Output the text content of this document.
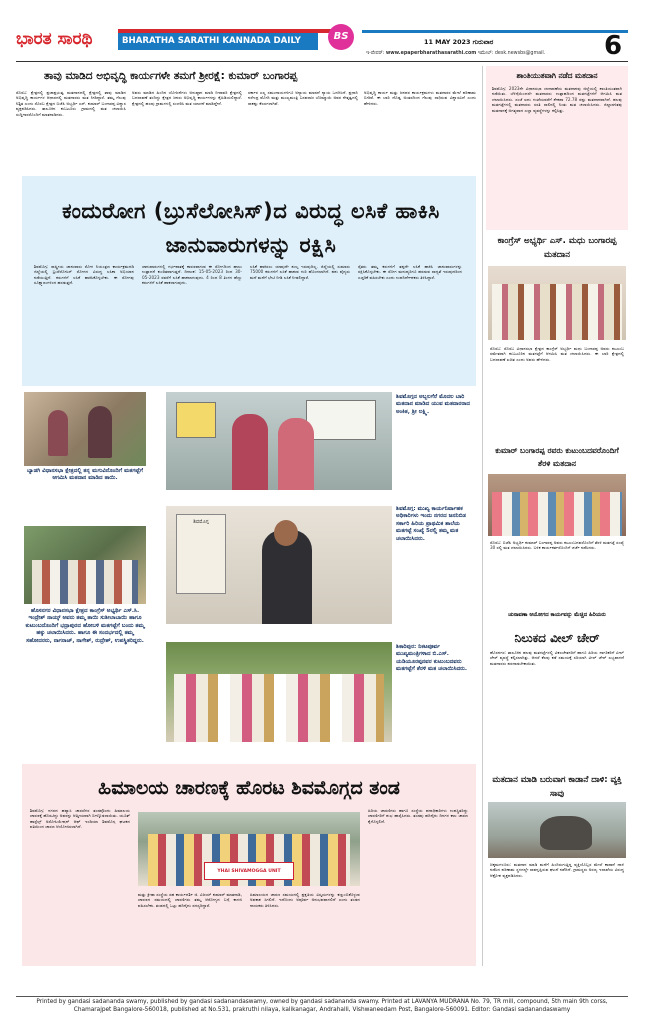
ಭಾರತ ಸಾರಥಿ	BHARATHA SARATHI KANNADA DAILY	BS	11 MAY 2023 ಗುರುವಾರ	6
ಇ-ಪೇಪರ್: www.epaperbharathasarathi.com ಇಮೇಲ್: desk.newsbs@gmail.
ತಾವು ಮಾಡಿದ ಅಭಿವೃದ್ಧಿ ಕಾರ್ಯಗಳೇ ತಮಗೆ ಶ್ರೀರಕ್ಷೆ: ಕುಮಾರ್ ಬಂಗಾರಪ್ಪ
ಸೊರಬ: ಕ್ಷೇತ್ರದಲ್ಲಿ ಪ್ರಜಾಪ್ರಭುತ್ವ ಮತದಾನದಲ್ಲಿ ಕ್ಷೇತ್ರದಲ್ಲಿ ತಾವು ಮಾಡಿದ ಅಭಿವೃದ್ಧಿ ಕಾರ್ಯಗಳ ಆಧಾರದಲ್ಲಿ ಮತದಾರರು ಮತ ನೀಡಿದ್ದಾರೆ. ತಮ್ಮ ಗೆಲುವು ನಿಶ್ಚಿತ ಎಂದು ಸೊರಬ ಕ್ಷೇತ್ರದ ಬಿಜೆಪಿ ಅಭ್ಯರ್ಥಿ ಎಸ್. ಕುಮಾರ್ ಬಂಗಾರಪ್ಪ ವಿಶ್ವಾಸ ವ್ಯಕ್ತಪಡಿಸಿದರು. ತಾಲೂಕಿನ ಕುಬಟೂರು ಗ್ರಾಮದಲ್ಲಿ ಮತ ಚಲಾಯಿಸಿ ಸುದ್ದಿಗಾರರೊಂದಿಗೆ ಮಾತನಾಡಿದರು.
ಅವರು ಮಾಡಿದ ಹಿಂದಿನ ಯೋಜನೆಗಳು ಅನುಷ್ಠಾನ ಮಾಡಿ ನೀರಾವರಿ ಕ್ಷೇತ್ರದಲ್ಲಿ ಬದಲಾವಣೆ ತಂದಿದ್ದು ಕ್ಷೇತ್ರದ ಜನರು ಅಭಿವೃದ್ಧಿ ಕಾರ್ಯಗಳನ್ನು ಕೈಹಿಡಿಯಲಿದ್ದಾರೆ. ಕ್ಷೇತ್ರದಲ್ಲಿ ಹಲವು ಗ್ರಾಮಗಳಲ್ಲಿ ಸಂಚರಿಸಿ ಮತ ಯಾಚನೆ ಮಾಡಿದ್ದೇನೆ.
ಸರ್ಕಾರ ಎಲ್ಲ ಸಮುದಾಯಗಳಿಗೂ ಅನ್ಯಾಯ ಮಾಡದೆ ನ್ಯಾಯ ಒದಗಿಸಿದೆ. ಪ್ರಧಾನಿ ನರೇಂದ್ರ ಮೋದಿ ಮತ್ತು ಮುಖ್ಯಮಂತ್ರಿ ಬಸವರಾಜ ಬೊಮ್ಮಾಯಿ ಅವರ ನೇತೃತ್ವದಲ್ಲಿ ಸಾಕಷ್ಟು ಕೆಲಸಗಳಾಗಿವೆ.
ಅಭಿವೃದ್ಧಿ ಕಾರ್ಯ ಮತ್ತು ಜನಪರ ಕಾರ್ಯಕ್ರಮಗಳು ಮತದಾರರ ಮೇಲೆ ಪರಿಣಾಮ ಬೀರಿವೆ. ಈ ಬಾರಿ ದೊಡ್ಡ ಅಂತರದಿಂದ ಗೆಲುವು ಸಾಧಿಸುವ ವಿಶ್ವಾಸವಿದೆ ಎಂದು ಹೇಳಿದರು.
ಕಂದುರೋಗ (ಬ್ರುಸೆಲೋಸಿಸ್)ದ ವಿರುದ್ಧ ಲಸಿಕೆ ಹಾಕಿಸಿ ಜಾನುವಾರುಗಳನ್ನು ರಕ್ಷಿಸಿ
ಶಿವಮೊಗ್ಗ: ರಾಷ್ಟ್ರೀಯ ಜಾನುವಾರು ರೋಗ ನಿಯಂತ್ರಣ ಕಾರ್ಯಕ್ರಮದಡಿ ಜಿಲ್ಲೆಯಲ್ಲಿ ಬ್ರುಸೆಲೋಸಿಸ್ ರೋಗದ ವಿರುದ್ಧ ಲಸಿಕಾ ಅಭಿಯಾನ ನಡೆಯುತ್ತಿದೆ. ಕರುಗಳಿಗೆ ಲಸಿಕೆ ಹಾಕಿಸಿಕೊಳ್ಳಬೇಕು. ಈ ರೋಗವು ಸೂಕ್ಷ್ಮಾಣುಗಳಿಂದ ಹರಡುತ್ತದೆ.
ಜಾನುವಾರುಗಳಲ್ಲಿ ಗರ್ಭಪಾತಕ್ಕೆ ಕಾರಣವಾಗುವ ಈ ರೋಗದಿಂದ ಹಾಲು ಉತ್ಪಾದನೆ ಕುಂಠಿತವಾಗುತ್ತದೆ. ದಿನಾಂಕ: 15-05-2023 ರಿಂದ 30-05-2023 ರವರೆಗೆ ಲಸಿಕೆ ಹಾಕಲಾಗುವುದು. 4 ರಿಂದ 8 ತಿಂಗಳ ಹೆಣ್ಣು ಕರುಗಳಿಗೆ ಲಸಿಕೆ ಹಾಕಲಾಗುವುದು.
ಲಸಿಕೆ ಹಾಕಿಸಲು ಯಾವುದೇ ಶುಲ್ಕ ಇರುವುದಿಲ್ಲ. ಜಿಲ್ಲೆಯಲ್ಲಿ ಸುಮಾರು 75000 ಕರುಗಳಿಗೆ ಲಸಿಕೆ ಹಾಕುವ ಗುರಿ ಹೊಂದಲಾಗಿದೆ. ಪಶು ವೈದ್ಯರು ಮನೆ ಮನೆಗೆ ಭೇಟಿ ನೀಡಿ ಲಸಿಕೆ ನೀಡಲಿದ್ದಾರೆ.
ರೈತರು ತಮ್ಮ ಕರುಗಳಿಗೆ ತಪ್ಪದೇ ಲಸಿಕೆ ಹಾಕಿಸಿ ಜಾನುವಾರುಗಳನ್ನು ರಕ್ಷಿಸಿಕೊಳ್ಳಬೇಕು. ಈ ರೋಗ ಮನುಷ್ಯರಿಗೂ ಹರಡುವ ಸಾಧ್ಯತೆ ಇರುವುದರಿಂದ ಎಚ್ಚರಿಕೆ ವಹಿಸಬೇಕು ಎಂದು ಉಪನಿರ್ದೇಶಕರು ತಿಳಿಸಿದ್ದಾರೆ.
ಬ್ಯಾಡಗಿ ವಿಧಾನಸಭಾ ಕ್ಷೇತ್ರದಲ್ಲಿ ತನ್ನ ಮಗುವಿನೊಂದಿಗೆ ಮತಗಟ್ಟೆಗೆ ಆಗಮಿಸಿ ಮತದಾನ ಮಾಡಿದ ತಾಯಿ.
ಶಿವಮೊಗ್ಗದ ಅಬ್ಬಲಗೆರೆ ಮೊದಲ ಬಾರಿ ಮತದಾನ ಮಾಡಿದ ಯುವ ಮತದಾರರಾದ ಅಂಕಿತ, ಶ್ರೀ ಲಕ್ಷ್ಮಿ.
ಹೊಸನಗರ ವಿಧಾನಸಭಾ ಕ್ಷೇತ್ರದ ಕಾಂಗ್ರೆಸ್ ಅಭ್ಯರ್ಥಿ ಎಸ್.ಸಿ. ಇಂದ್ರೇಶ್ ನಾಯ್ಕ್ ಅವರು ತಮ್ಮ ತಾಯಿ ಸುಶೀಲಾಬಾಯಿ ಹಾಗೂ ಕುಟುಂಬದೊಂದಿಗೆ ಭದ್ರಾಪುರದ ಹೋಬಳಿ ಮತಗಟ್ಟೆಗೆ ಬಂದು ತಮ್ಮ ಹಕ್ಕು ಚಲಾಯಿಸಿದರು. ಹಾಗೂ ಈ ಸಂದರ್ಭದಲ್ಲಿ ತಮ್ಮ ಸಹೋದರರು, ನಾಗರಾಜ್, ನಾಗೇಶ್, ರುದ್ರೇಶ್, ಉಪಸ್ಥಿತರಿದ್ದರು.
ಶಿವಮೊಗ್ಗ
ಶಿವಮೊಗ್ಗ: ಮುಖ್ಯ ಕಾರ್ಯನಿರ್ವಾಹಕ ಅಧಿಕಾರಿಗಳು ಇಂದು ನಗರದ ಜನನಿಬಿಡ ಸರ್ಕಾರಿ ಹಿರಿಯ ಪ್ರಾಥಮಿಕ ಶಾಲೆಯ ಮತಗಟ್ಟೆ ಸಂಖ್ಯೆ 5ರಲ್ಲಿ ತಮ್ಮ ಮತ ಚಲಾಯಿಸಿದರು.
ಶಿಕಾರಿಪುರ: ನಿಕಟಪೂರ್ವ ಮುಖ್ಯಮಂತ್ರಿಗಳಾದ ಬಿ.ಎಸ್. ಯಡಿಯೂರಪ್ಪನವರ ಕುಟುಂಬದವರು ಮತಗಟ್ಟೆಗೆ ತೆರಳಿ ಮತ ಚಲಾಯಿಸಿದರು.
ಹಿಮಾಲಯ ಚಾರಣಕ್ಕೆ ಹೊರಟ ಶಿವಮೊಗ್ಗದ ತಂಡ
ಶಿವಮೊಗ್ಗ: ನಗರದ ಹವ್ಯಾಸಿ ಚಾರಣಿಗರ ತಂಡವೊಂದು ಹಿಮಾಲಯ ಚಾರಣಕ್ಕೆ ಹೊರಟಿದ್ದು ಅವರನ್ನು ಆತ್ಮೀಯವಾಗಿ ಬೀಳ್ಕೊಡಲಾಯಿತು. ಯೂತ್ ಹಾಸ್ಟೆಲ್ಸ್ ಅಸೋಸಿಯೇಷನ್ ಆಫ್ ಇಂಡಿಯಾ ಶಿವಮೊಗ್ಗ ಘಟಕದ ವತಿಯಿಂದ ಚಾರಣ ಆಯೋಜಿಸಲಾಗಿದೆ.
YHAI SHIVAMOGGA UNIT
ಮತ್ತು ಕ್ರೀಡಾ ಸಂಸ್ಥೆಯ ಸಹ ಕಾರ್ಯದರ್ಶಿ ಜಿ. ವಿಜಯ್ ಕುಮಾರ್ ಮಾತನಾಡಿ, ಚಾರಣದ ಸಮಯದಲ್ಲಿ ಚಾರಣಿಗರು ತಮ್ಮ ಆರೋಗ್ಯದ ಬಗ್ಗೆ ಕಾಳಜಿ ವಹಿಸಬೇಕು. ತಂಡದಲ್ಲಿ ಒಟ್ಟು ಹದಿನೈದು ಸದಸ್ಯರಿದ್ದಾರೆ.
ಹಿಮಾಲಯದ ಚಾರಣ ಸಮಯದಲ್ಲಿ ಪ್ರಕೃತಿಯ ವಿಸ್ಮಯಗಳನ್ನು ಕಣ್ತುಂಬಿಕೊಳ್ಳುವ ಅವಕಾಶ ಸಿಗಲಿದೆ. ಇದೊಂದು ಅಪೂರ್ವ ಅನುಭವವಾಗಲಿದೆ ಎಂದು ತಂಡದ ನಾಯಕರು ತಿಳಿಸಿದರು.
ಹಿರಿಯ ಚಾರಣಿಗರು ಹಾಗೂ ಸಂಸ್ಥೆಯ ಪದಾಧಿಕಾರಿಗಳು ಉಪಸ್ಥಿತರಿದ್ದು ಚಾರಣಿಗರಿಗೆ ಶುಭ ಹಾರೈಸಿದರು. ತಂಡವು ಹದಿನೈದು ದಿನಗಳ ಕಾಲ ಚಾರಣ ಕೈಗೊಳ್ಳಲಿದೆ.
ಶಾಂತಿಯುತವಾಗಿ ನಡೆದ ಮತದಾನ
ಶಿವಮೊಗ್ಗ: 2023ನೇ ವಿಧಾನಸಭಾ ಚುನಾವಣೆಯ ಮತದಾನವು ಜಿಲ್ಲೆಯಲ್ಲಿ ಶಾಂತಿಯುತವಾಗಿ ನಡೆಯಿತು. ಬೆಳಿಗ್ಗೆಯಿಂದಲೇ ಮತದಾರರು ಉತ್ಸಾಹದಿಂದ ಮತಗಟ್ಟೆಗಳಿಗೆ ಆಗಮಿಸಿ ಮತ ಚಲಾಯಿಸಿದರು. ಸಂಜೆ ಐದು ಗಂಟೆಯವರೆಗೆ ಶೇಕಡಾ 72.78 ರಷ್ಟು ಮತದಾನವಾಗಿದೆ. ಹಲವು ಮತಗಟ್ಟೆಗಳಲ್ಲಿ ಮತದಾರರು ಸರತಿ ಸಾಲಿನಲ್ಲಿ ನಿಂತು ಮತ ಚಲಾಯಿಸಿದರು. ಜಿಲ್ಲಾಡಳಿತವು ಮತದಾನಕ್ಕೆ ಅಗತ್ಯವಾದ ಎಲ್ಲಾ ವ್ಯವಸ್ಥೆಗಳನ್ನು ಕಲ್ಪಿಸಿತ್ತು.
ಕಾಂಗ್ರೆಸ್ ಅಭ್ಯರ್ಥಿ ಎಸ್. ಮಧು ಬಂಗಾರಪ್ಪ ಮತದಾನ
ಸೊರಬ: ಸೊರಬ ವಿಧಾನಸಭಾ ಕ್ಷೇತ್ರದ ಕಾಂಗ್ರೆಸ್ ಅಭ್ಯರ್ಥಿ ಮಧು ಬಂಗಾರಪ್ಪ ಅವರು ಕುಟುಂಬ ಸಮೇತರಾಗಿ ಕುಬಟೂರಿನ ಮತಗಟ್ಟೆಗೆ ಆಗಮಿಸಿ ಮತ ಚಲಾಯಿಸಿದರು. ಈ ಬಾರಿ ಕ್ಷೇತ್ರದಲ್ಲಿ ಬದಲಾವಣೆ ಖಚಿತ ಎಂದು ಅವರು ಹೇಳಿದರು.
ಕುಮಾರ್ ಬಂಗಾರಪ್ಪ ರವರು ಕುಟುಂಬದವರೊಂದಿಗೆ ತೆರಳಿ ಮತದಾನ
ಸೊರಬ: ಬಿಜೆಪಿ ಅಭ್ಯರ್ಥಿ ಕುಮಾರ್ ಬಂಗಾರಪ್ಪ ಅವರು ಕುಟುಂಬದವರೊಂದಿಗೆ ತೆರಳಿ ಮತಗಟ್ಟೆ ಸಂಖ್ಯೆ 30 ರಲ್ಲಿ ಮತ ಚಲಾಯಿಸಿದರು. ಬಳಿಕ ಕಾರ್ಯಕರ್ತರೊಂದಿಗೆ ಚರ್ಚೆ ನಡೆಸಿದರು.
ಚುನಾವಣಾ ಆಯೋಗದ ಕಾರ್ಯವನ್ನು ಮೆಚ್ಚಿದ ಹಿರಿಯರು
ನಿಲುಕದ ವೀಲ್ ಚೇರ್
ಹೊಸನಗರ: ತಾಲೂಕಿನ ಹಲವು ಮತಗಟ್ಟೆಗಳಲ್ಲಿ ವಿಕಲಚೇತನರಿಗೆ ಹಾಗೂ ಹಿರಿಯ ನಾಗರಿಕರಿಗೆ ವೀಲ್ ಚೇರ್ ವ್ಯವಸ್ಥೆ ಕಲ್ಪಿಸಲಾಗಿತ್ತು. ಆದರೆ ಕೆಲವು ಕಡೆ ಸಮಯಕ್ಕೆ ಸರಿಯಾಗಿ ವೀಲ್ ಚೇರ್ ಲಭ್ಯವಾಗದೆ ಮತದಾರರು ಪರದಾಡಬೇಕಾಯಿತು.
ಮತದಾನ ಮಾಡಿ ಬರುವಾಗ ಕಾಡಾನೆ ದಾಳಿ: ವ್ಯಕ್ತಿ ಸಾವು
ಚಿಕ್ಕಮಗಳೂರು: ಮತದಾನ ಮಾಡಿ ಮನೆಗೆ ಹಿಂದಿರುಗುತ್ತಿದ್ದ ವ್ಯಕ್ತಿಯೊಬ್ಬರ ಮೇಲೆ ಕಾಡಾನೆ ದಾಳಿ ನಡೆಸಿದ ಪರಿಣಾಮ ಸ್ಥಳದಲ್ಲೇ ಸಾವನ್ನಪ್ಪಿರುವ ಘಟನೆ ನಡೆದಿದೆ. ಗ್ರಾಮಸ್ಥರು ಅರಣ್ಯ ಇಲಾಖೆಯ ವಿರುದ್ಧ ಆಕ್ರೋಶ ವ್ಯಕ್ತಪಡಿಸಿದರು.
Printed by gandasi sadananda swamy, published by gandasi sadanandaswamy, owned by gandasi sadananda swamy. Printed at LAVANYA MUDRANA No. 79, TR mill, compound, 5th main 9th corss,
Chamarajpet Bangalore-560018, published at No.531, prakruthi nilaya, kalikanagar, Andrahalli, Vishwaneedam Post, Bangalore-560091. Editor: Gandasi sadanandaswamy
